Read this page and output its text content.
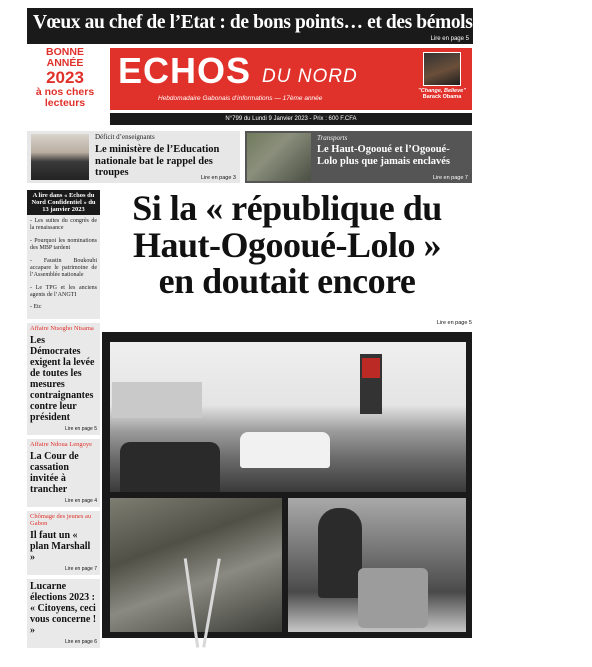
Vœux au chef de l’Etat : de bons points… et des bémols indispensables
Lire en page 5
BONNE ANNÉE
2023
à nos chers
lecteurs
ECHOS DU NORD
Hebdomadaire Gabonais d’informations — 17ème année
"Change, Believe"
Barack Obama
N°799 du Lundi 9 Janvier 2023 - Prix : 600 F.CFA
Déficit d’enseignants
Le ministère de l’Education nationale bat le rappel des troupes	Lire en page 3
Transports
Le Haut-Ogooué et l’Ogooué-Lolo plus que jamais enclavés
Lire en page 7
A lire dans « Echos du Nord Confidentiel » du 13 janvier 2023
- Les suites du congrès de la renaissance
- Pourquoi les nominations des MBP tardent
- Faustin Boukoubi accapare le patrimoine de l’Assemblée nationale
- Le TPG et les anciens agents de l’ANGTI
- Etc
Affaire Ntsogho Ntsama
Les Démocrates exigent la levée de toutes les mesures contraignantes contre leur président
Lire en page 5
Affaire Ndoua Lengoye
La Cour de cassation invitée à trancher
Lire en page 4
Chômage des jeunes au Gabon
Il faut un « plan Marshall »
Lire en page 7
Lucarne élections 2023 : « Citoyens, ceci vous concerne ! »
Lire en page 6
Si la « république du
Haut-Ogooué-Lolo »
en doutait encore
Lire en page 5
